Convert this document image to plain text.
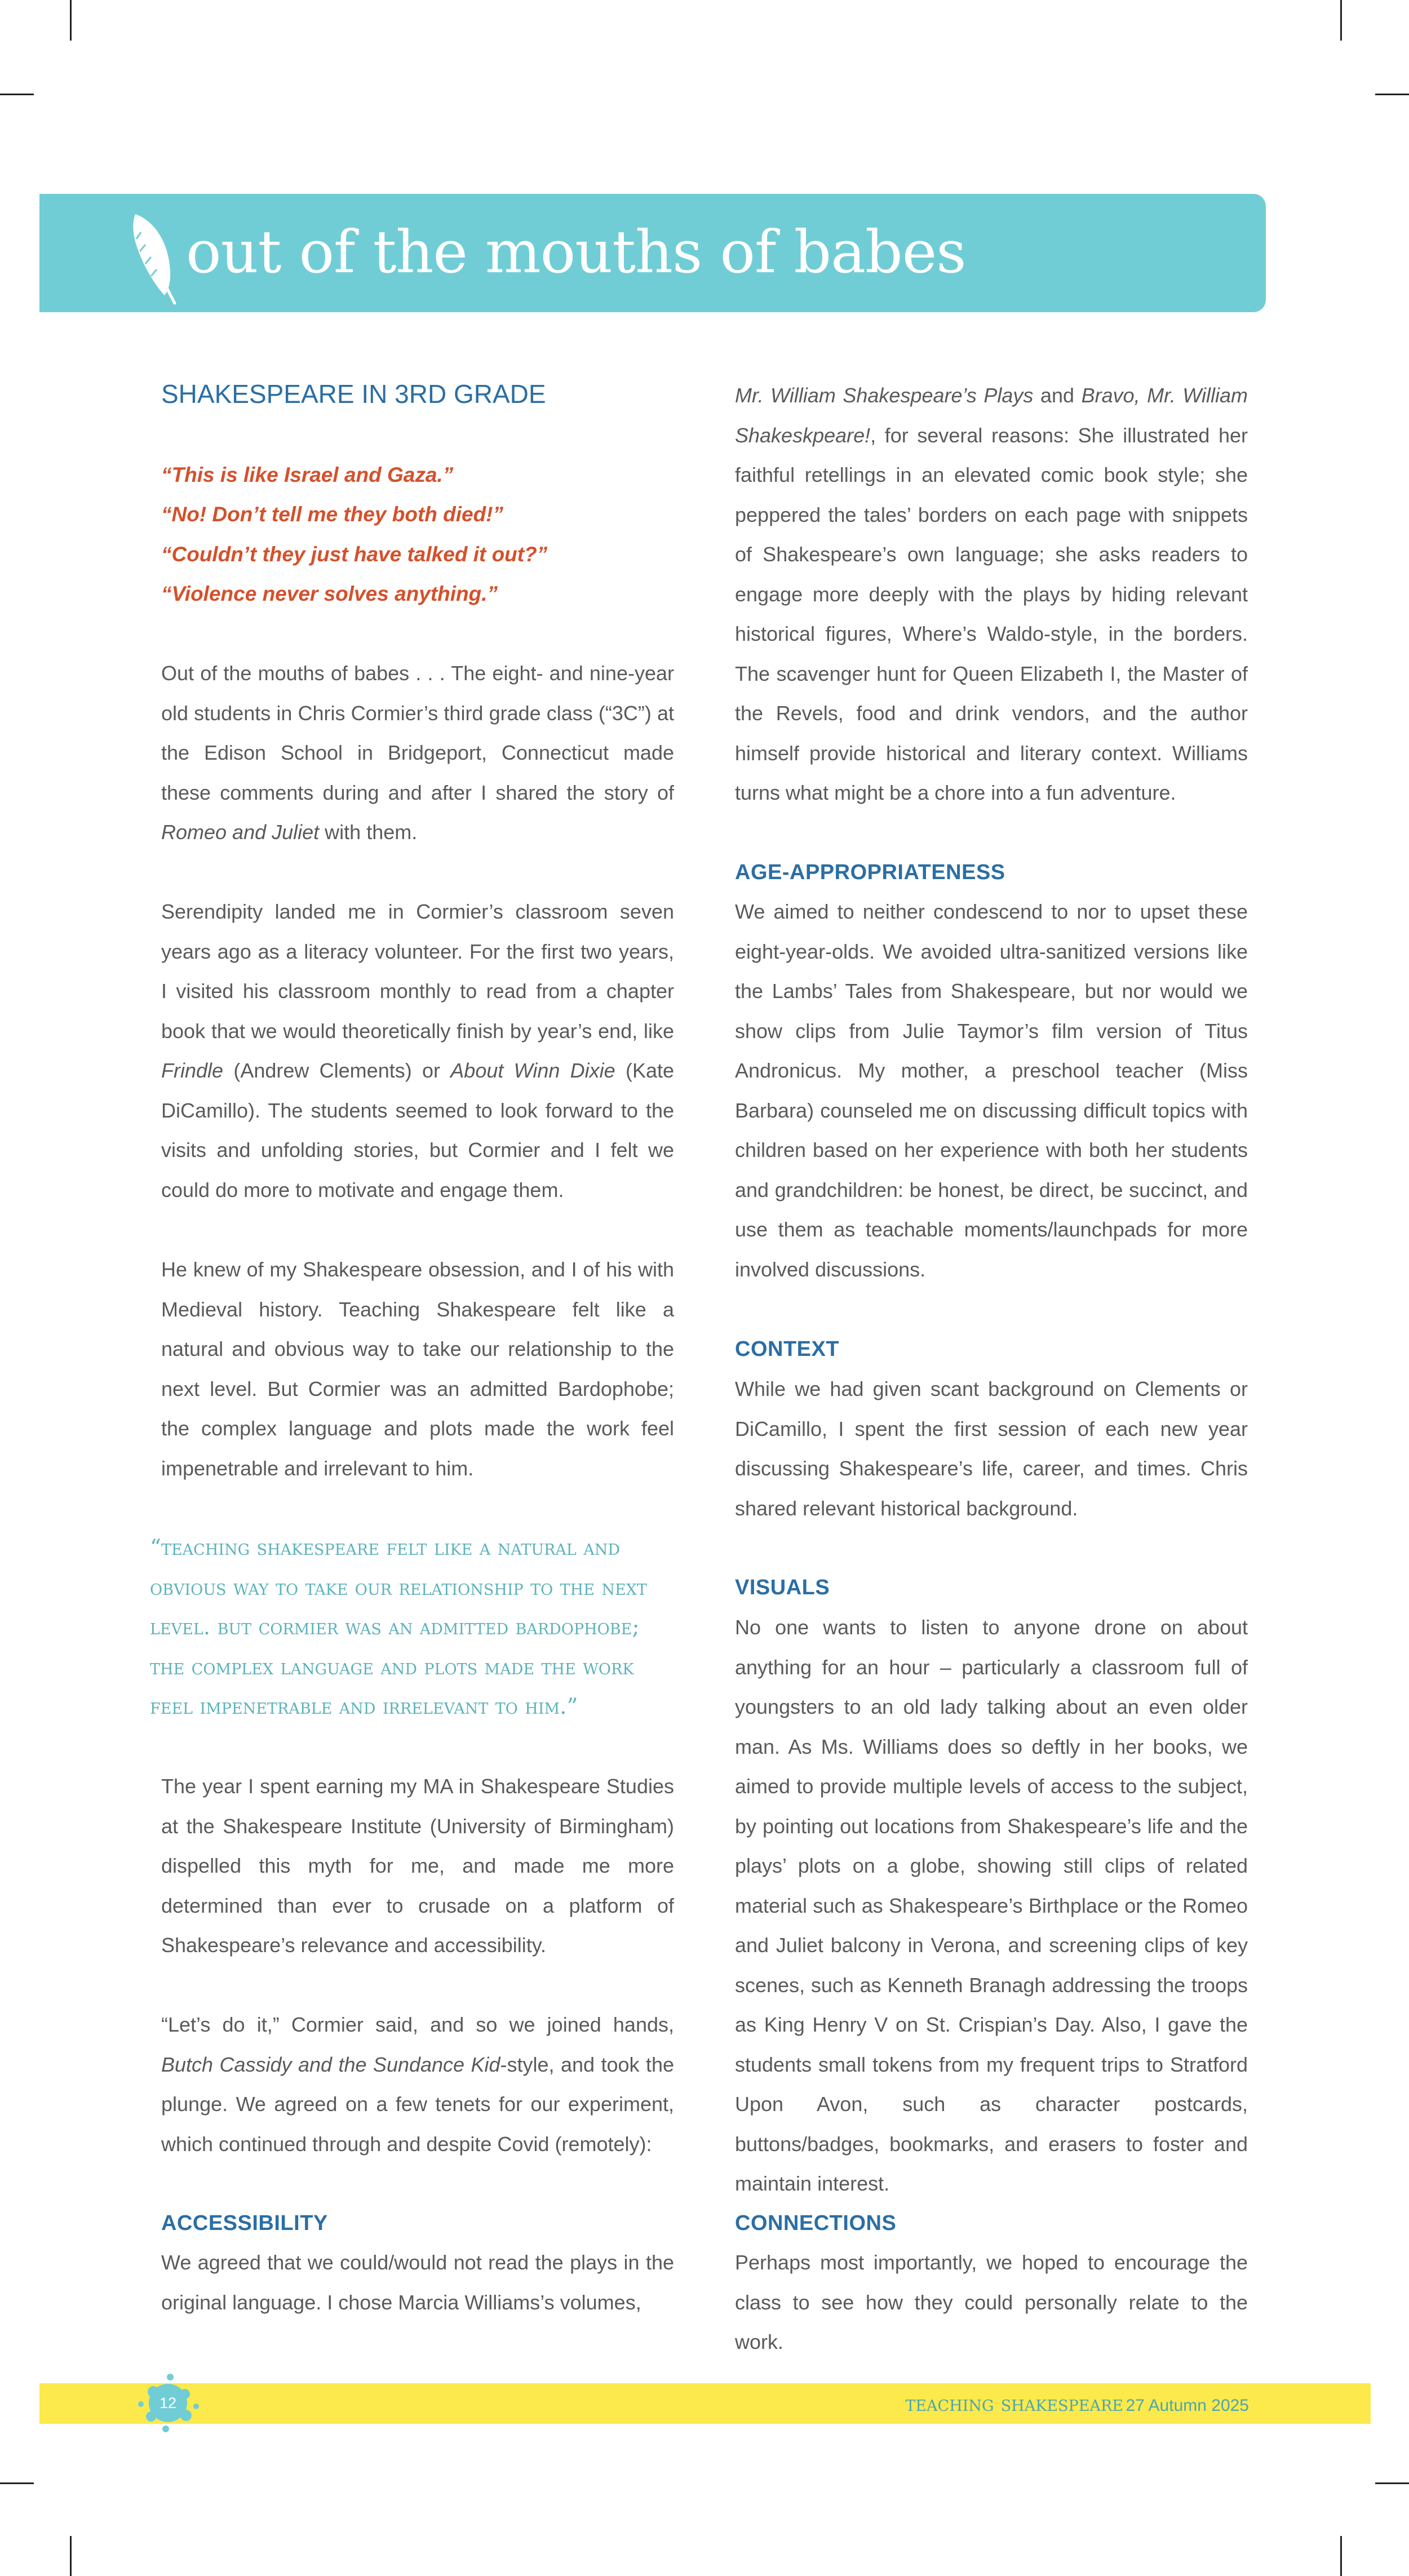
out of the mouths of babes
SHAKESPEARE IN 3RD GRADE
“This is like Israel and Gaza.”
“No! Don’t tell me they both died!”
“Couldn’t they just have talked it out?”
“Violence never solves anything.”

Out of the mouths of babes . . . The eight- and nine-year old students in Chris Cormier’s third grade class (“3C”) at the Edison School in Bridgeport, Connecticut made these comments during and after I shared the story of Romeo and Juliet with them.

Serendipity landed me in Cormier’s classroom seven years ago as a literacy volunteer. For the first two years, I visited his classroom monthly to read from a chapter book that we would theoretically finish by year’s end, like Frindle (Andrew Clements) or About Winn Dixie (Kate DiCamillo). The students seemed to look forward to the visits and unfolding stories, but Cormier and I felt we could do more to motivate and engage them.

He knew of my Shakespeare obsession, and I of his with Medieval history. Teaching Shakespeare felt like a natural and obvious way to take our relationship to the next level. But Cormier was an admitted Bardophobe; the complex language and plots made the work feel impenetrable and irrelevant to him.

“teaching shakespeare felt like a natural and obvious way to take our relationship to the next level. but cormier was an admitted bardophobe; the complex language and plots made the work feel impenetrable and irrelevant to him.”

The year I spent earning my MA in Shakespeare Studies at the Shakespeare Institute (University of Birmingham) dispelled this myth for me, and made me more determined than ever to crusade on a platform of Shakespeare’s relevance and accessibility.

“Let’s do it,” Cormier said, and so we joined hands, Butch Cassidy and the Sundance Kid-style, and took the plunge. We agreed on a few tenets for our experiment, which continued through and despite Covid (remotely):

ACCESSIBILITY

We agreed that we could/would not read the plays in the original language. I chose Marcia Williams’s volumes,

Mr. William Shakespeare’s Plays and Bravo, Mr. William Shakeskpeare!, for several reasons: She illustrated her faithful retellings in an elevated comic book style; she peppered the tales’ borders on each page with snippets of Shakespeare’s own language; she asks readers to engage more deeply with the plays by hiding relevant historical figures, Where’s Waldo-style, in the borders. The scavenger hunt for Queen Elizabeth I, the Master of the Revels, food and drink vendors, and the author himself provide historical and literary context. Williams turns what might be a chore into a fun adventure.

AGE-APPROPRIATENESS

We aimed to neither condescend to nor to upset these eight-year-olds. We avoided ultra-sanitized versions like the Lambs’ Tales from Shakespeare, but nor would we show clips from Julie Taymor’s film version of Titus Andronicus. My mother, a preschool teacher (Miss Barbara) counseled me on discussing difficult topics with children based on her experience with both her students and grandchildren: be honest, be direct, be succinct, and use them as teachable moments/launchpads for more involved discussions.

CONTEXT

While we had given scant background on Clements or DiCamillo, I spent the first session of each new year discussing Shakespeare’s life, career, and times. Chris shared relevant historical background.

VISUALS

No one wants to listen to anyone drone on about anything for an hour – particularly a classroom full of youngsters to an old lady talking about an even older man. As Ms. Williams does so deftly in her books, we aimed to provide multiple levels of access to the subject, by pointing out locations from Shakespeare’s life and the plays’ plots on a globe, showing still clips of related material such as Shakespeare’s Birthplace or the Romeo and Juliet balcony in Verona, and screening clips of key scenes, such as Kenneth Branagh addressing the troops as King Henry V on St. Crispian’s Day. Also, I gave the students small tokens from my frequent trips to Stratford Upon Avon, such as character postcards, buttons/badges, bookmarks, and erasers to foster and maintain interest.

CONNECTIONS

Perhaps most importantly, we hoped to encourage the class to see how they could personally relate to the work.

12	teaching shakespeare 27 Autumn 2025
